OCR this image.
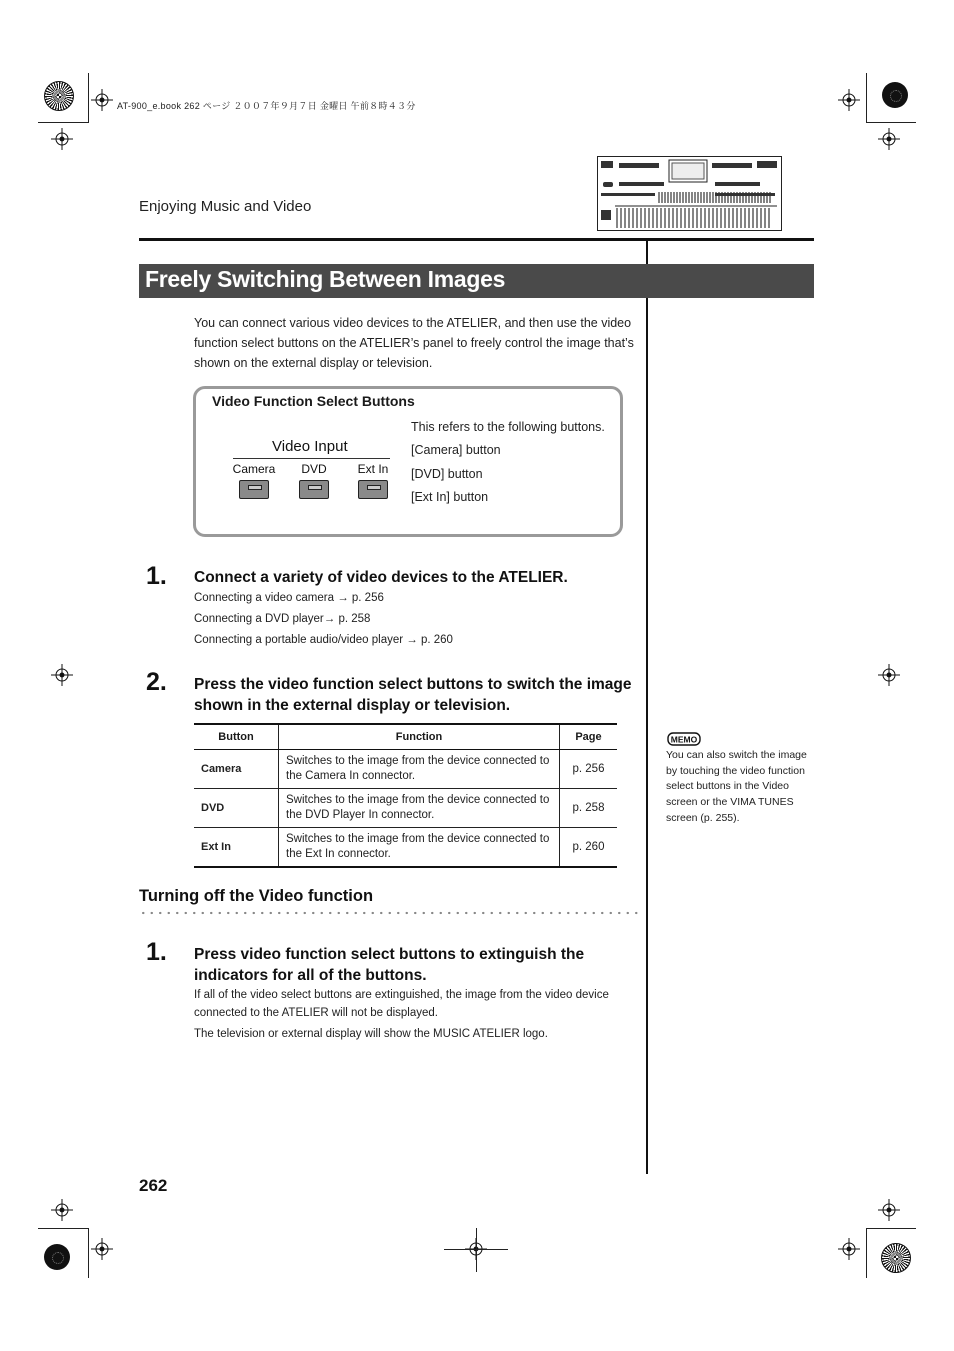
AT-900_e.book 262 ページ ２００７年９月７日 金曜日 午前８時４３分
Enjoying Music and Video
Freely Switching Between Images
You can connect various video devices to the ATELIER, and then use the video
function select buttons on the ATELIER’s panel to freely control the image that’s
shown on the external display or television.
Video Function Select Buttons
Video Input
Camera	DVD	Ext In
This refers to the following buttons.
[Camera] button
[DVD] button
[Ext In] button
1. Connect a variety of video devices to the ATELIER.
Connecting a video camera → p. 256
Connecting a DVD player→ p. 258
Connecting a portable audio/video player → p. 260
2. Press the video function select buttons to switch the image
shown in the external display or television.
Button	Function	Page
Camera	Switches to the image from the device connected to
the Camera In connector.	p. 256
DVD	Switches to the image from the device connected to
the DVD Player In connector.	p. 258
Ext In	Switches to the image from the device connected to
the Ext In connector.	p. 260
MEMO
You can also switch the image
by touching the video function
select buttons in the Video
screen or the VIMA TUNES
screen (p. 255).
Turning off the Video function
1. Press video function select buttons to extinguish the
indicators for all of the buttons.
If all of the video select buttons are extinguished, the image from the video device
connected to the ATELIER will not be displayed.
The television or external display will show the MUSIC ATELIER logo.
262
